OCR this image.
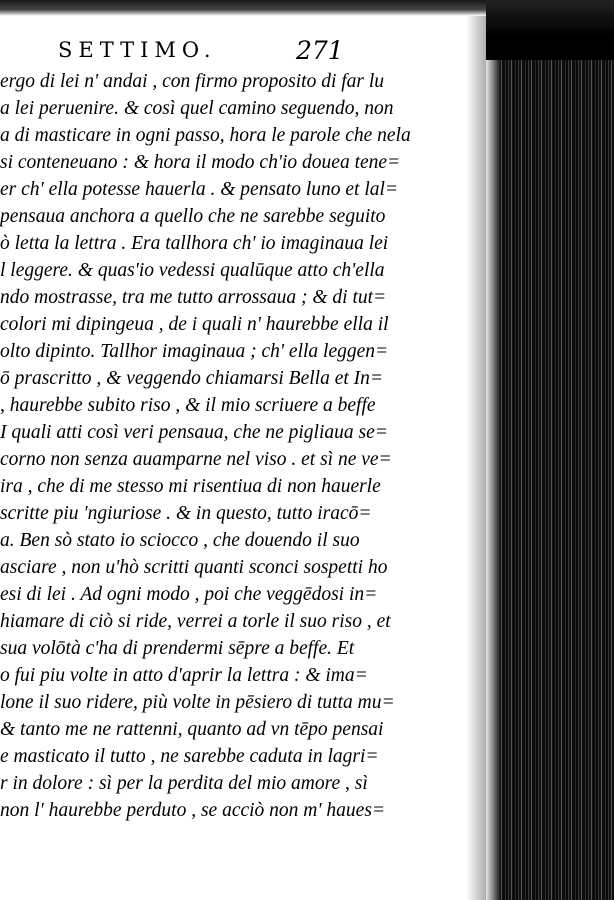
SETTIMO.	271
ergo di lei n' andai , con firmo proposito di far lu
a lei peruenire. & così quel camino seguendo, non
a di masticare in ogni passo, hora le parole che nela
si conteneuano : & hora il modo ch'io douea tene=
er ch' ella potesse hauerla . & pensato luno et lal=
pensaua anchora a quello che ne sarebbe seguito
ò letta la lettra . Era tallhora ch' io imaginaua lei
l leggere. & quas'io vedessi qualūque atto ch'ella
ndo mostrasse, tra me tutto arrossaua ; & di tut=
colori mi dipingeua , de i quali n' haurebbe ella il
olto dipinto. Tallhor imaginaua ; ch' ella leggen=
ō prascritto , & veggendo chiamarsi Bella et In=
, haurebbe subito riso , & il mio scriuere a beffe
I quali atti così veri pensaua, che ne pigliaua se=
corno non senza auamparne nel viso . et sì ne ve=
ira , che di me stesso mi risentiua di non hauerle
scritte piu 'ngiuriose . & in questo, tutto iracō=
a. Ben sò stato io sciocco , che douendo il suo
asciare , non u'hò scritti quanti sconci sospetti ho
esi di lei . Ad ogni modo , poi che veggēdosi in=
hiamare di ciò si ride, verrei a torle il suo riso , et
sua volōtà c'ha di prendermi sēpre a beffe. Et
o fui piu volte in atto d'aprir la lettra : & ima=
lone il suo ridere, più volte in pēsiero di tutta mu=
& tanto me ne rattenni, quanto ad vn tēpo pensai
e masticato il tutto , ne sarebbe caduta in lagri=
r in dolore : sì per la perdita del mio amore , sì
non l' haurebbe perduto , se acciò non m' haues=
